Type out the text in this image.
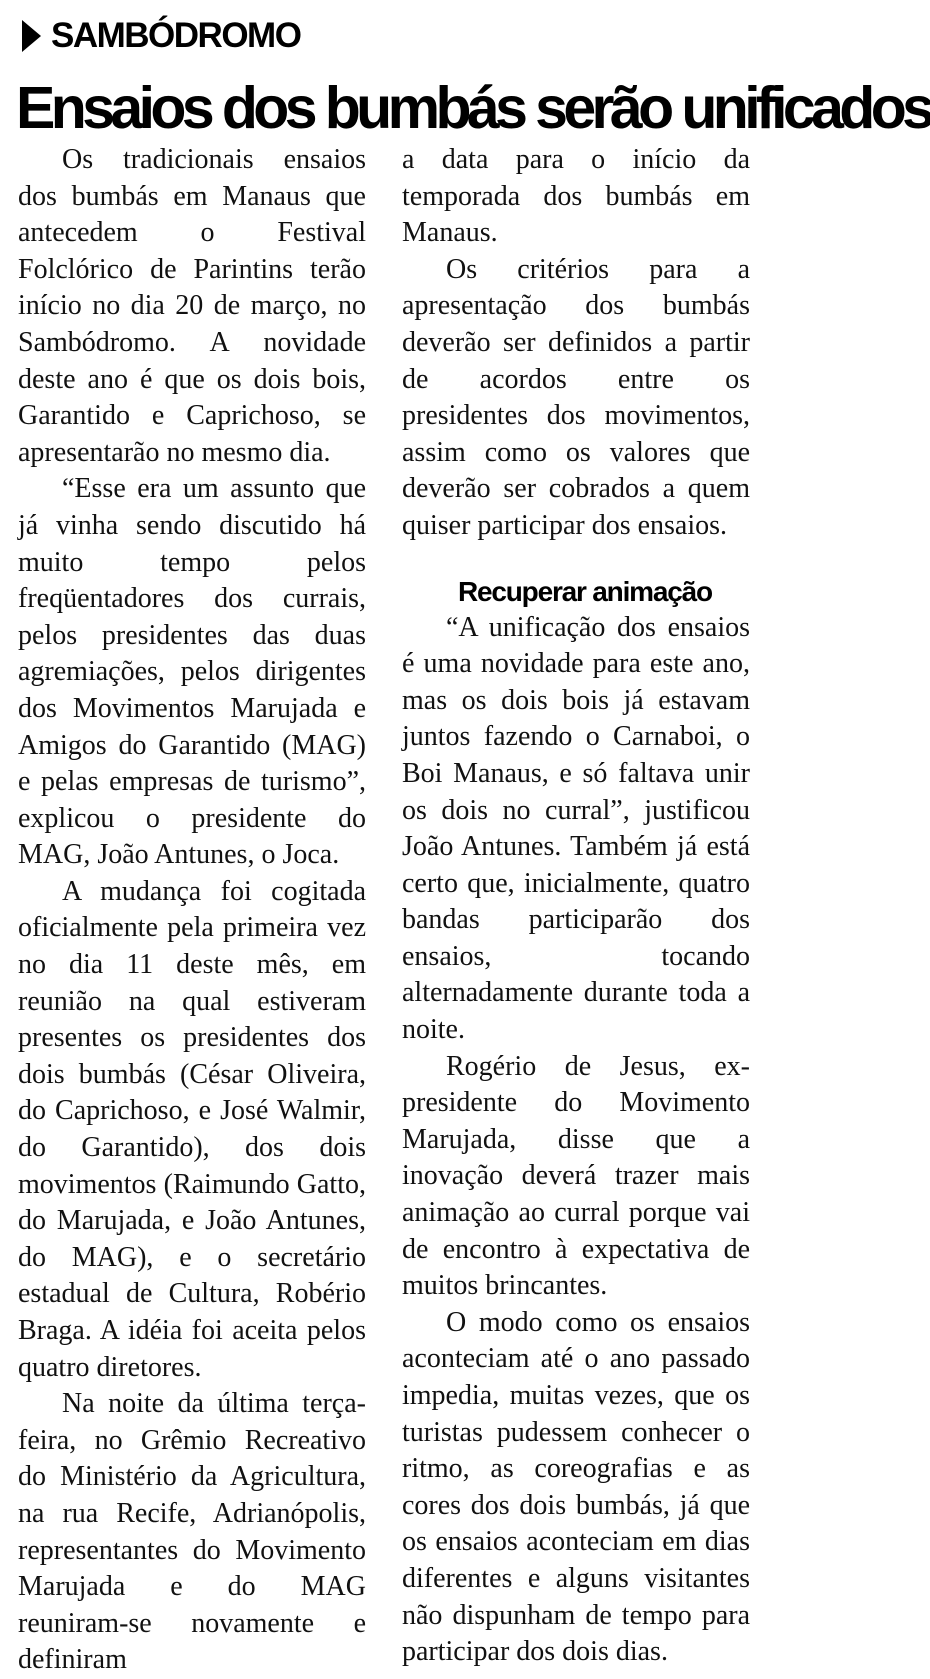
SAMBÓDROMO
Ensaios dos bumbás serão unificados

Os tradicionais ensaios dos bumbás em Manaus que antecedem o Festival Folclórico de Parintins terão início no dia 20 de março, no Sambódromo. A novidade deste ano é que os dois bois, Garantido e Caprichoso, se apresentarão no mesmo dia.

“Esse era um assunto que já vinha sendo discutido há muito tempo pelos freqüentadores dos currais, pelos presidentes das duas agremiações, pelos dirigentes dos Movimentos Marujada e Amigos do Garantido (MAG) e pelas empresas de turismo”, explicou o presidente do MAG, João Antunes, o Joca.

A mudança foi cogitada oficialmente pela primeira vez no dia 11 deste mês, em reunião na qual estiveram presentes os presidentes dos dois bumbás (César Oliveira, do Caprichoso, e José Walmir, do Garantido), dos dois movimentos (Raimundo Gatto, do Marujada, e João Antunes, do MAG), e o secretário estadual de Cultura, Robério Braga. A idéia foi aceita pelos quatro diretores.

Na noite da última terça-feira, no Grêmio Recreativo do Ministério da Agricultura, na rua Recife, Adrianópolis, representantes do Movimento Marujada e do MAG reuniram-se novamente e definiram

a data para o início da temporada dos bumbás em Manaus.

Os critérios para a apresentação dos bumbás deverão ser definidos a partir de acordos entre os presidentes dos movimentos, assim como os valores que deverão ser cobrados a quem quiser participar dos ensaios.

Recuperar animação

“A unificação dos ensaios é uma novidade para este ano, mas os dois bois já estavam juntos fazendo o Carnaboi, o Boi Manaus, e só faltava unir os dois no curral”, justificou João Antunes. Também já está certo que, inicialmente, quatro bandas participarão dos ensaios, tocando alternadamente durante toda a noite.

Rogério de Jesus, ex-presidente do Movimento Marujada, disse que a inovação deverá trazer mais animação ao curral porque vai de encontro à expectativa de muitos brincantes.

O modo como os ensaios aconteciam até o ano passado impedia, muitas vezes, que os turistas pudessem conhecer o ritmo, as coreografias e as cores dos dois bumbás, já que os ensaios aconteciam em dias diferentes e alguns visitantes não dispunham de tempo para participar dos dois dias.
